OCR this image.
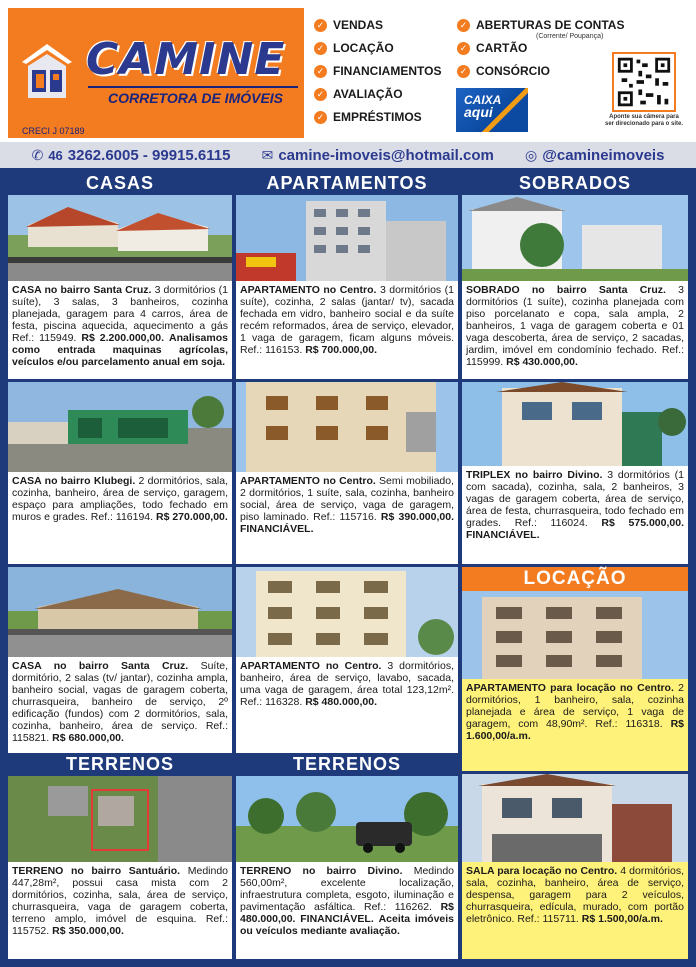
CAMINE
CORRETORA DE IMÓVEIS
CRECI J 07189
✓ VENDAS
✓ LOCAÇÃO
✓ FINANCIAMENTOS
✓ AVALIAÇÃO
✓ EMPRÉSTIMOS
✓ ABERTURAS DE CONTAS
(Corrente/ Poupança)
✓ CARTÃO
✓ CONSÓRCIO
CAIXA
aqui	Aponte sua câmera para ser direcionado para o site.
✆ 46 3262.6005 - 99915.6115 ✉ camine-imoveis@hotmail.com ◎ @camineimoveis
CASAS	APARTAMENTOS	SOBRADOS
CASA no bairro Santa Cruz. 3 dormitórios (1 suíte), 3 salas, 3 banheiros, cozinha planejada, garagem para 4 carros, área de festa, piscina aquecida, aquecimento a gás Ref.: 115949. R$ 2.200.000,00. Analisamos como entrada maquinas agrícolas, veículos e/ou parcelamento anual em soja.
CASA no bairro Klubegi. 2 dormitórios, sala, cozinha, banheiro, área de serviço, garagem, espaço para ampliações, todo fechado em muros e grades. Ref.: 116194. R$ 270.000,00.
CASA no bairro Santa Cruz. Suíte, dormitório, 2 salas (tv/ jantar), cozinha ampla, banheiro social, vagas de garagem coberta, churrasqueira, banheiro de serviço, 2º edificação (fundos) com 2 dormitórios, sala, cozinha, banheiro, área de serviço. Ref.: 115821. R$ 680.000,00.
APARTAMENTO no Centro. 3 dormitórios (1 suíte), cozinha, 2 salas (jantar/ tv), sacada fechada em vidro, banheiro social e da suíte recém reformados, área de serviço, elevador, 1 vaga de garagem, ficam alguns móveis. Ref.: 116153. R$ 700.000,00.
APARTAMENTO no Centro. Semi mobiliado, 2 dormitórios, 1 suíte, sala, cozinha, banheiro social, área de serviço, vaga de garagem, piso laminado. Ref.: 115716. R$ 390.000,00. FINANCIÁVEL.
APARTAMENTO no Centro. 3 dormitórios, banheiro, área de serviço, lavabo, sacada, uma vaga de garagem, área total 123,12m². Ref.: 116328. R$ 480.000,00.
SOBRADO no bairro Santa Cruz. 3 dormitórios (1 suíte), cozinha planejada com piso porcelanato e copa, sala ampla, 2 banheiros, 1 vaga de garagem coberta e 01 vaga descoberta, área de serviço, 2 sacadas, jardim, imóvel em condomínio fechado. Ref.: 115999. R$ 430.000,00.
TRIPLEX no bairro Divino. 3 dormitórios (1 com sacada), cozinha, sala, 2 banheiros, 3 vagas de garagem coberta, área de serviço, área de festa, churrasqueira, todo fechado em grades. Ref.: 116024. R$ 575.000,00. FINANCIÁVEL.
LOCAÇÃO
APARTAMENTO para locação no Centro. 2 dormitórios, 1 banheiro, sala, cozinha planejada e área de serviço, 1 vaga de garagem, com 48,90m². Ref.: 116318. R$ 1.600,00/a.m.
TERRENOS	TERRENOS
TERRENO no bairro Santuário. Medindo 447,28m², possui casa mista com 2 dormitórios, cozinha, sala, área de serviço, churrasqueira, vaga de garagem coberta, terreno amplo, imóvel de esquina. Ref.: 115752. R$ 350.000,00.
TERRENO no bairro Divino. Medindo 560,00m², excelente localização, infraestrutura completa, esgoto, iluminação e pavimentação asfáltica. Ref.: 116262. R$ 480.000,00. FINANCIÁVEL. Aceita imóveis ou veículos mediante avaliação.
SALA para locação no Centro. 4 dormitórios, sala, cozinha, banheiro, área de serviço, despensa, garagem para 2 veículos, churrasqueira, edícula, murado, com portão eletrônico. Ref.: 115711. R$ 1.500,00/a.m.
